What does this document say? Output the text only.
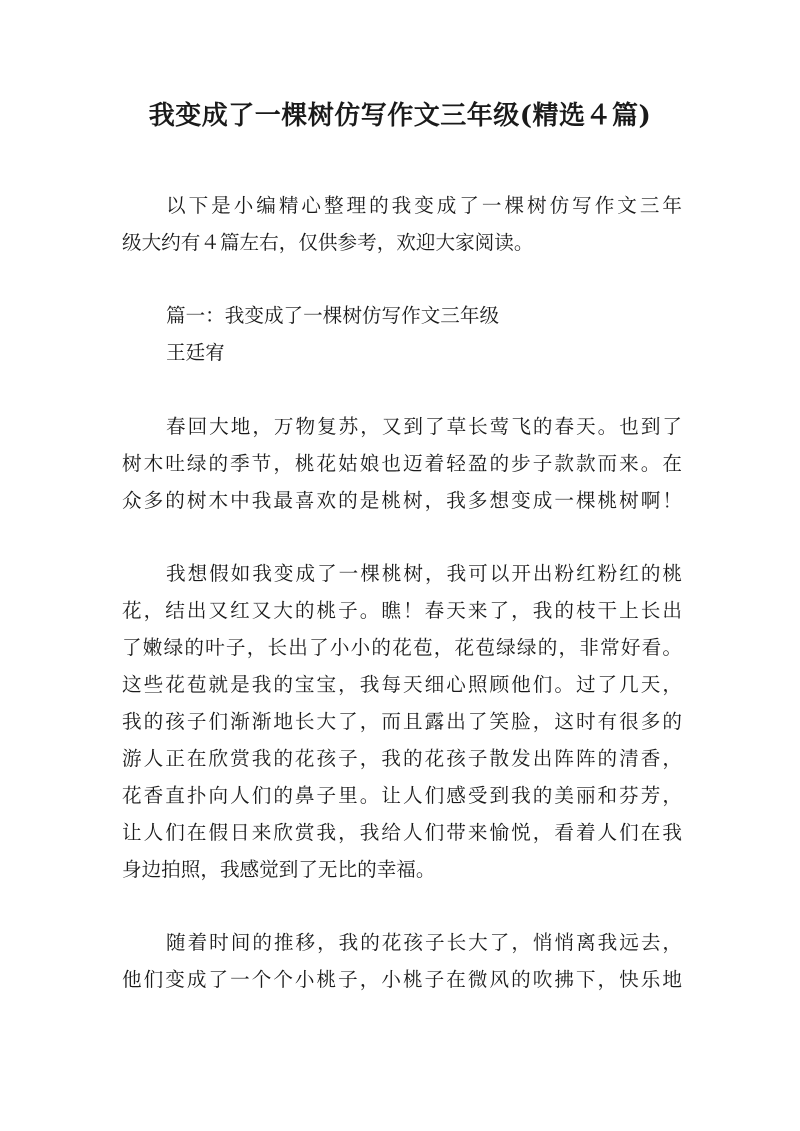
我变成了一棵树仿写作文三年级(精选４篇)
以下是小编精心整理的我变成了一棵树仿写作文三年
级大约有４篇左右，仅供参考，欢迎大家阅读。
篇一：我变成了一棵树仿写作文三年级
王廷宥
春回大地，万物复苏，又到了草长莺飞的春天。也到了
树木吐绿的季节，桃花姑娘也迈着轻盈的步子款款而来。在
众多的树木中我最喜欢的是桃树，我多想变成一棵桃树啊！
我想假如我变成了一棵桃树，我可以开出粉红粉红的桃
花，结出又红又大的桃子。瞧！春天来了，我的枝干上长出
了嫩绿的叶子，长出了小小的花苞，花苞绿绿的，非常好看。
这些花苞就是我的宝宝，我每天细心照顾他们。过了几天，
我的孩子们渐渐地长大了，而且露出了笑脸，这时有很多的
游人正在欣赏我的花孩子，我的花孩子散发出阵阵的清香，
花香直扑向人们的鼻子里。让人们感受到我的美丽和芬芳，
让人们在假日来欣赏我，我给人们带来愉悦，看着人们在我
身边拍照，我感觉到了无比的幸福。
随着时间的推移，我的花孩子长大了，悄悄离我远去，
他们变成了一个个小桃子，小桃子在微风的吹拂下，快乐地
